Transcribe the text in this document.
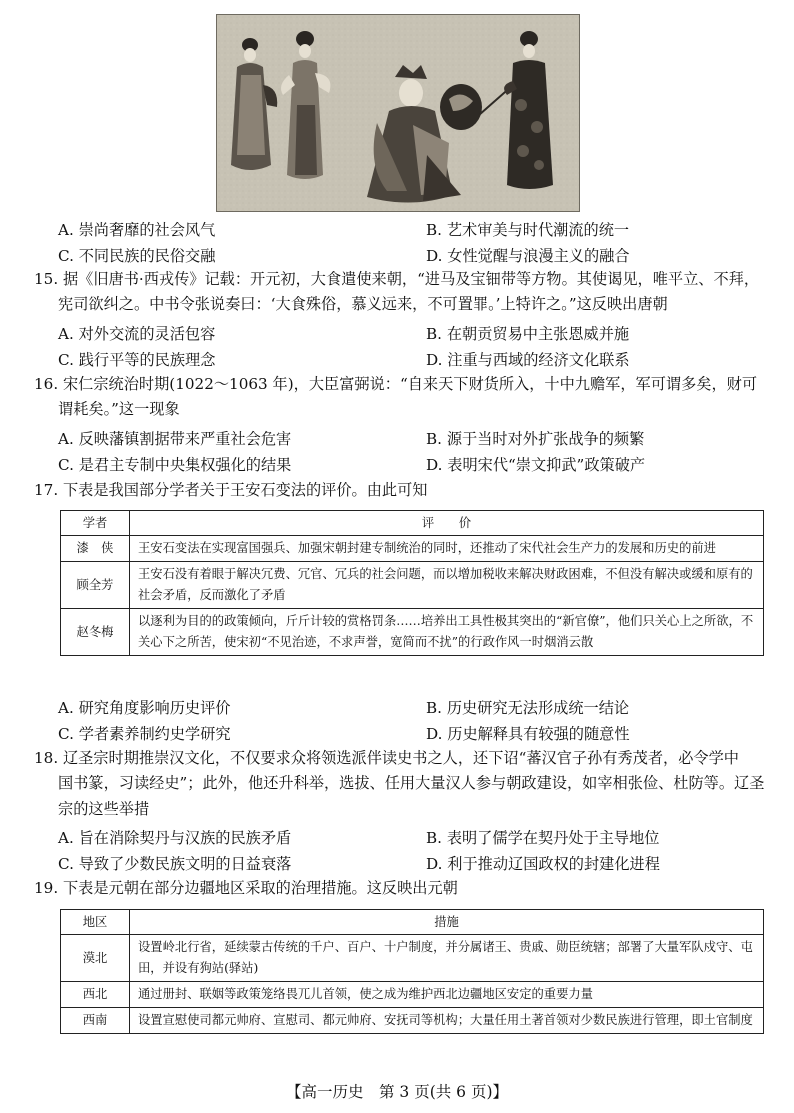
A. 崇尚奢靡的社会风气	B. 艺术审美与时代潮流的统一
C. 不同民族的民俗交融	D. 女性觉醒与浪漫主义的融合
15. 据《旧唐书·西戎传》记载：开元初，大食遣使来朝，“进马及宝钿带等方物。其使谒见，唯平立、不拜，
宪司欲纠之。中书令张说奏曰：‘大食殊俗，慕义远来，不可置罪。’上特许之。”这反映出唐朝
A. 对外交流的灵活包容	B. 在朝贡贸易中主张恩威并施
C. 践行平等的民族理念	D. 注重与西域的经济文化联系
16. 宋仁宗统治时期(1022～1063 年)，大臣富弼说：“自来天下财货所入，十中九赡军，军可谓多矣，财可
谓耗矣。”这一现象
A. 反映藩镇割据带来严重社会危害	B. 源于当时对外扩张战争的频繁
C. 是君主专制中央集权强化的结果	D. 表明宋代“崇文抑武”政策破产
17. 下表是我国部分学者关于王安石变法的评价。由此可知
学者	评　　价
漆　侠	王安石变法在实现富国强兵、加强宋朝封建专制统治的同时，还推动了宋代社会生产力的发展和历史的前进
顾全芳	王安石没有着眼于解决冗费、冗官、冗兵的社会问题，而以增加税收来解决财政困难，不但没有解决或缓和原有的社会矛盾，反而激化了矛盾
赵冬梅	以逐利为目的的政策倾向，斤斤计较的赏格罚条……培养出工具性极其突出的“新官僚”，他们只关心上之所欲，不关心下之所苦，使宋初“不见治迹，不求声誉，宽简而不扰”的行政作风一时烟消云散
A. 研究角度影响历史评价	B. 历史研究无法形成统一结论
C. 学者素养制约史学研究	D. 历史解释具有较强的随意性
18. 辽圣宗时期推崇汉文化，不仅要求众将领选派伴读史书之人，还下诏“蕃汉官子孙有秀茂者，必令学中
国书篆，习读经史”；此外，他还升科举，选拔、任用大量汉人参与朝政建设，如宰相张俭、杜防等。辽圣
宗的这些举措
A. 旨在消除契丹与汉族的民族矛盾	B. 表明了儒学在契丹处于主导地位
C. 导致了少数民族文明的日益衰落	D. 利于推动辽国政权的封建化进程
19. 下表是元朝在部分边疆地区采取的治理措施。这反映出元朝
地区	措施
漠北	设置岭北行省，延续蒙古传统的千户、百户、十户制度，并分属诸王、贵戚、勋臣统辖；部署了大量军队戍守、屯田，并设有狗站(驿站)
西北	通过册封、联姻等政策笼络畏兀儿首领，使之成为维护西北边疆地区安定的重要力量
西南	设置宣慰使司都元帅府、宣慰司、都元帅府、安抚司等机构；大量任用土著首领对少数民族进行管理，即土官制度
【高一历史　第 3 页(共 6 页)】
